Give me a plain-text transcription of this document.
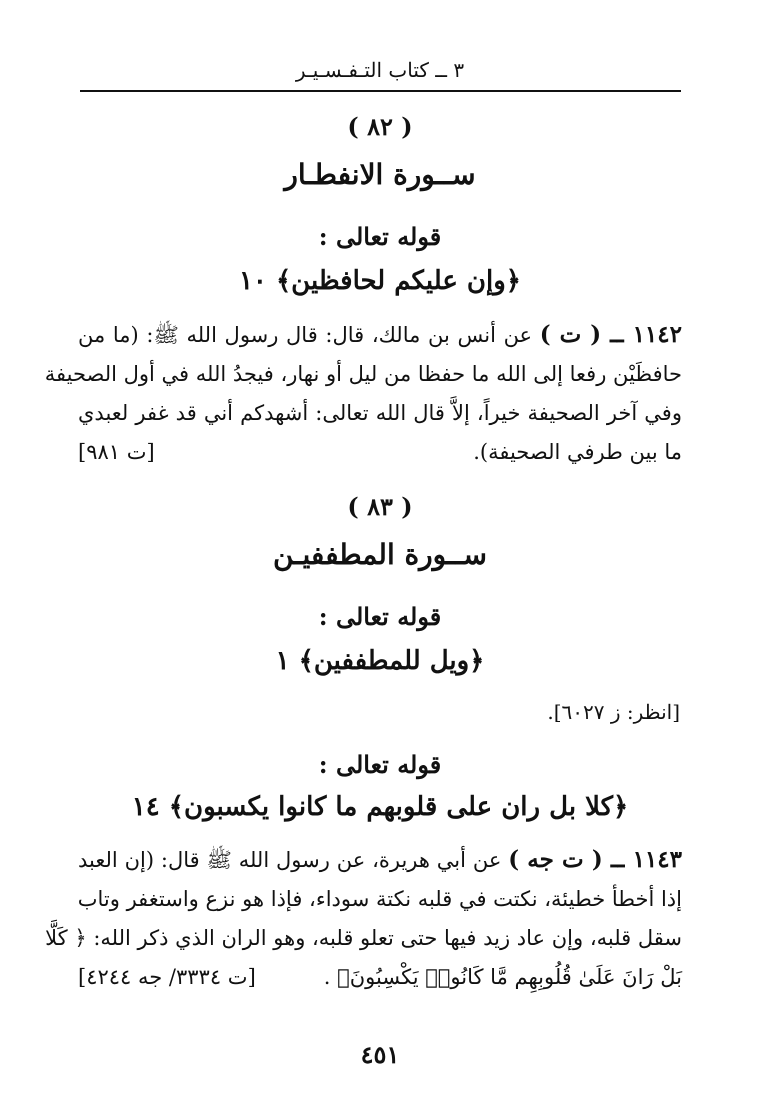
٣ ــ كتاب التـفـسـيـر
( ٨٢ )
ســورة الانفطـار
قوله تعالى :
﴿وإن عليكم لحافظين﴾ ١٠
١١٤٢ ــ ( ت ) عن أنس بن مالك، قال: قال رسول الله ﷺ: (ما من
حافظَيْن رفعا إلى الله ما حفظا من ليل أو نهار، فيجدُ الله في أول الصحيفة
وفي آخر الصحيفة خيراً، إلاَّ قال الله تعالى: أشهدكم أني قد غفر لعبدي
ما بين طرفي الصحيفة).
[ت ٩٨١]
( ٨٣ )
ســورة المطففيـن
قوله تعالى :
﴿ويل للمطففين﴾ ١
[انظر: ز ٦٠٢٧].
قوله تعالى :
﴿كلا بل ران على قلوبهم ما كانوا يكسبون﴾ ١٤
١١٤٣ ــ ( ت جه ) عن أبي هريرة، عن رسول الله ﷺ قال: (إن العبد
إذا أخطأ خطيئة، نكتت في قلبه نكتة سوداء، فإذا هو نزع واستغفر وتاب
سقل قلبه، وإن عاد زيد فيها حتى تعلو قلبه، وهو الران الذي ذكر الله: ﴿ كَلَّا
بَلْ رَانَ عَلَىٰ قُلُوبِهِم مَّا كَانُوا۟ يَكْسِبُونَ﴾ .
[ت ٣٣٣٤/ جه ٤٢٤٤]
٤٥١
